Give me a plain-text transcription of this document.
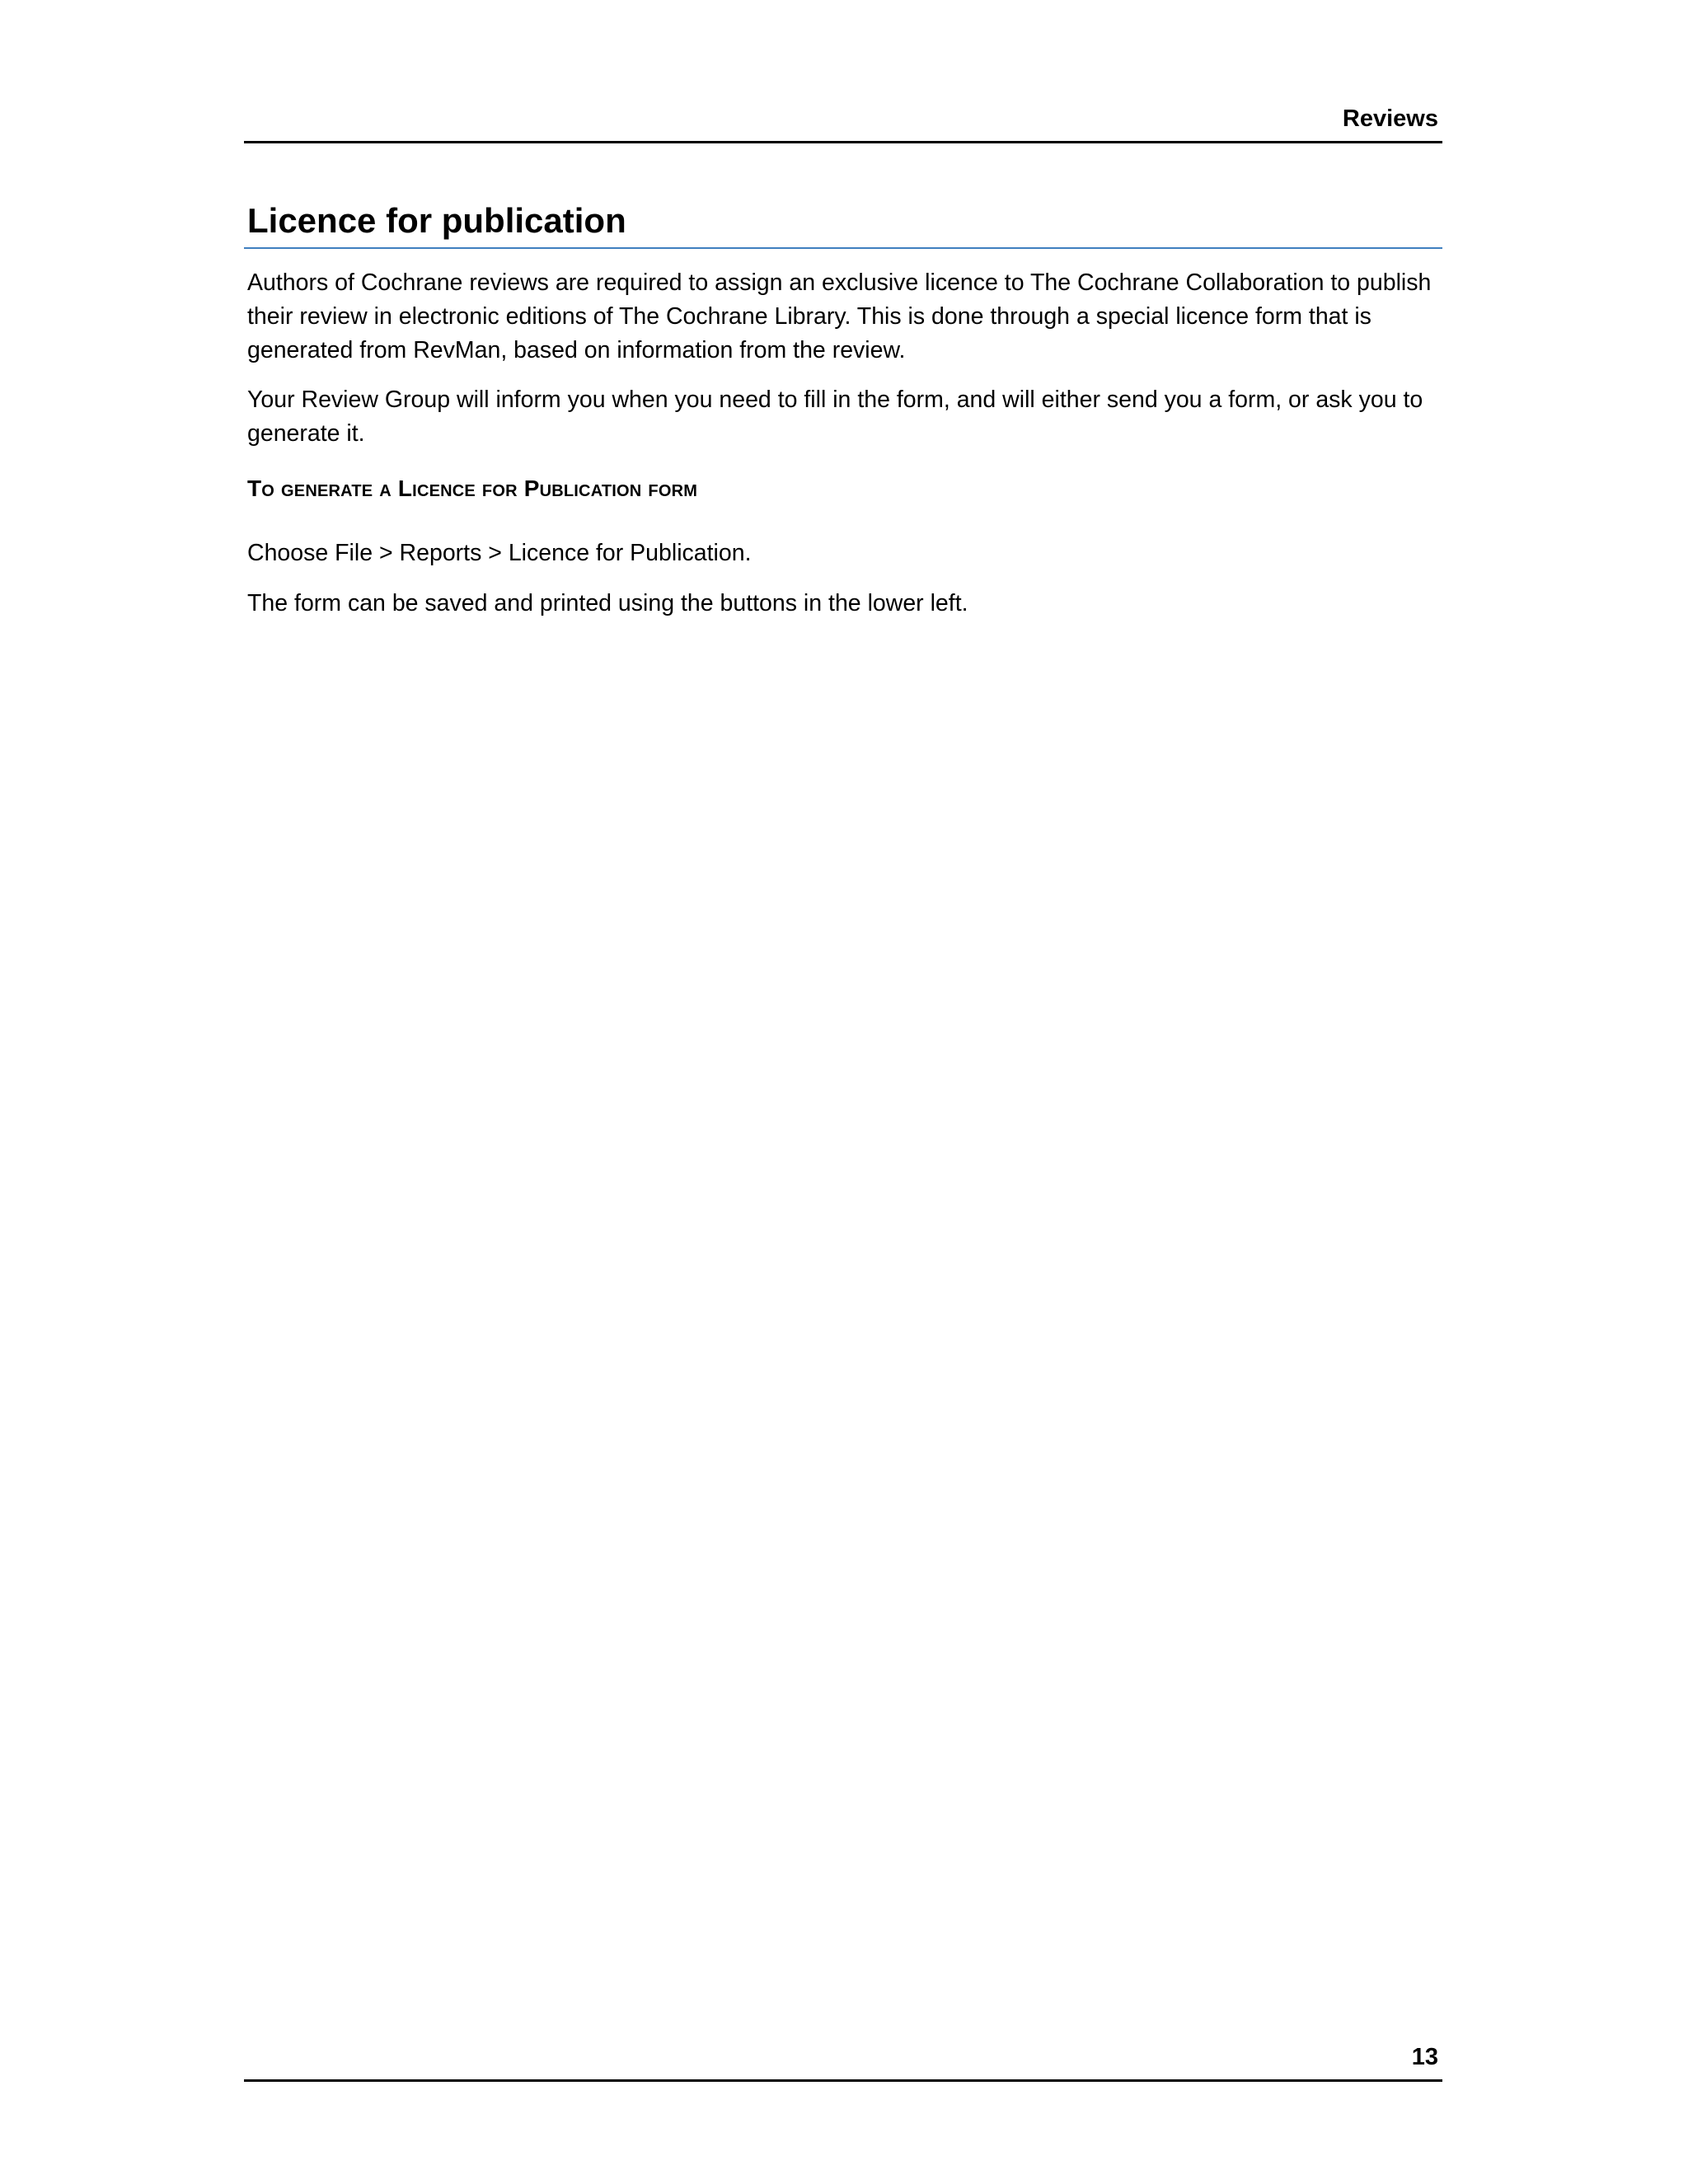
Reviews
Licence for publication

Authors of Cochrane reviews are required to assign an exclusive licence to The Cochrane Collaboration to publish their review in electronic editions of The Cochrane Library. This is done through a special licence form that is generated from RevMan, based on information from the review.

Your Review Group will inform you when you need to fill in the form, and will either send you a form, or ask you to generate it.

To generate a Licence for Publication form

Choose File > Reports > Licence for Publication.

The form can be saved and printed using the buttons in the lower left.

13
